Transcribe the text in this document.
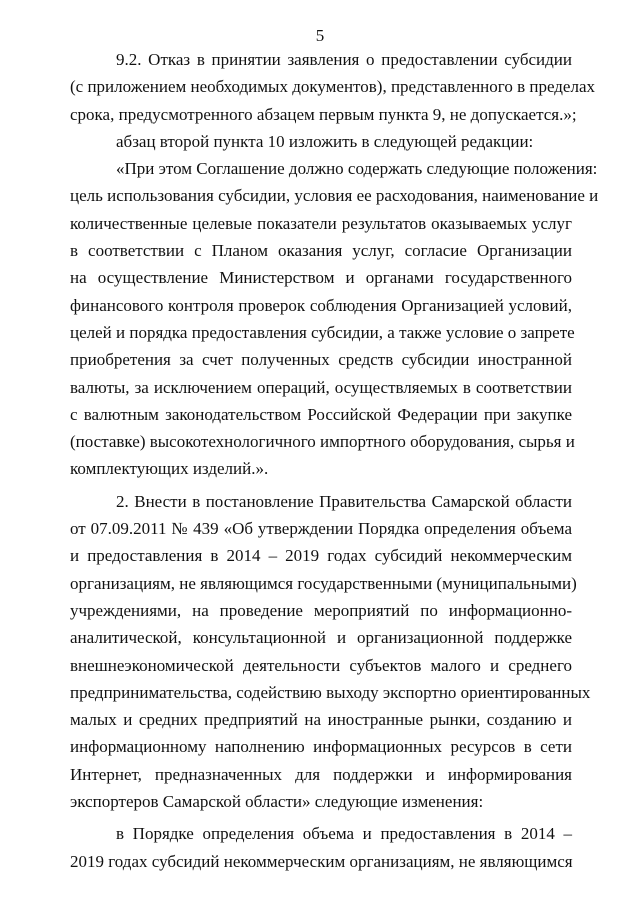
5
9.2. Отказ в принятии заявления о предоставлении субсидии
(с приложением необходимых документов), представленного в пределах
срока, предусмотренного абзацем первым пункта 9, не допускается.»;
абзац второй пункта 10 изложить в следующей редакции:
«При этом Соглашение должно содержать следующие положения:
цель использования субсидии, условия ее расходования, наименование и
количественные целевые показатели результатов оказываемых услуг
в соответствии с Планом оказания услуг, согласие Организации
на осуществление Министерством и органами государственного
финансового контроля проверок соблюдения Организацией условий,
целей и порядка предоставления субсидии, а также условие о запрете
приобретения за счет полученных средств субсидии иностранной
валюты, за исключением операций, осуществляемых в соответствии
с валютным законодательством Российской Федерации при закупке
(поставке) высокотехнологичного импортного оборудования, сырья и
комплектующих изделий.».
2. Внести в постановление Правительства Самарской области
от 07.09.2011 № 439 «Об утверждении Порядка определения объема
и предоставления в 2014 – 2019 годах субсидий некоммерческим
организациям, не являющимся государственными (муниципальными)
учреждениями, на проведение мероприятий по информационно-
аналитической, консультационной и организационной поддержке
внешнеэкономической деятельности субъектов малого и среднего
предпринимательства, содействию выходу экспортно ориентированных
малых и средних предприятий на иностранные рынки, созданию и
информационному наполнению информационных ресурсов в сети
Интернет, предназначенных для поддержки и информирования
экспортеров Самарской области» следующие изменения:
в Порядке определения объема и предоставления в 2014 –
2019 годах субсидий некоммерческим организациям, не являющимся
